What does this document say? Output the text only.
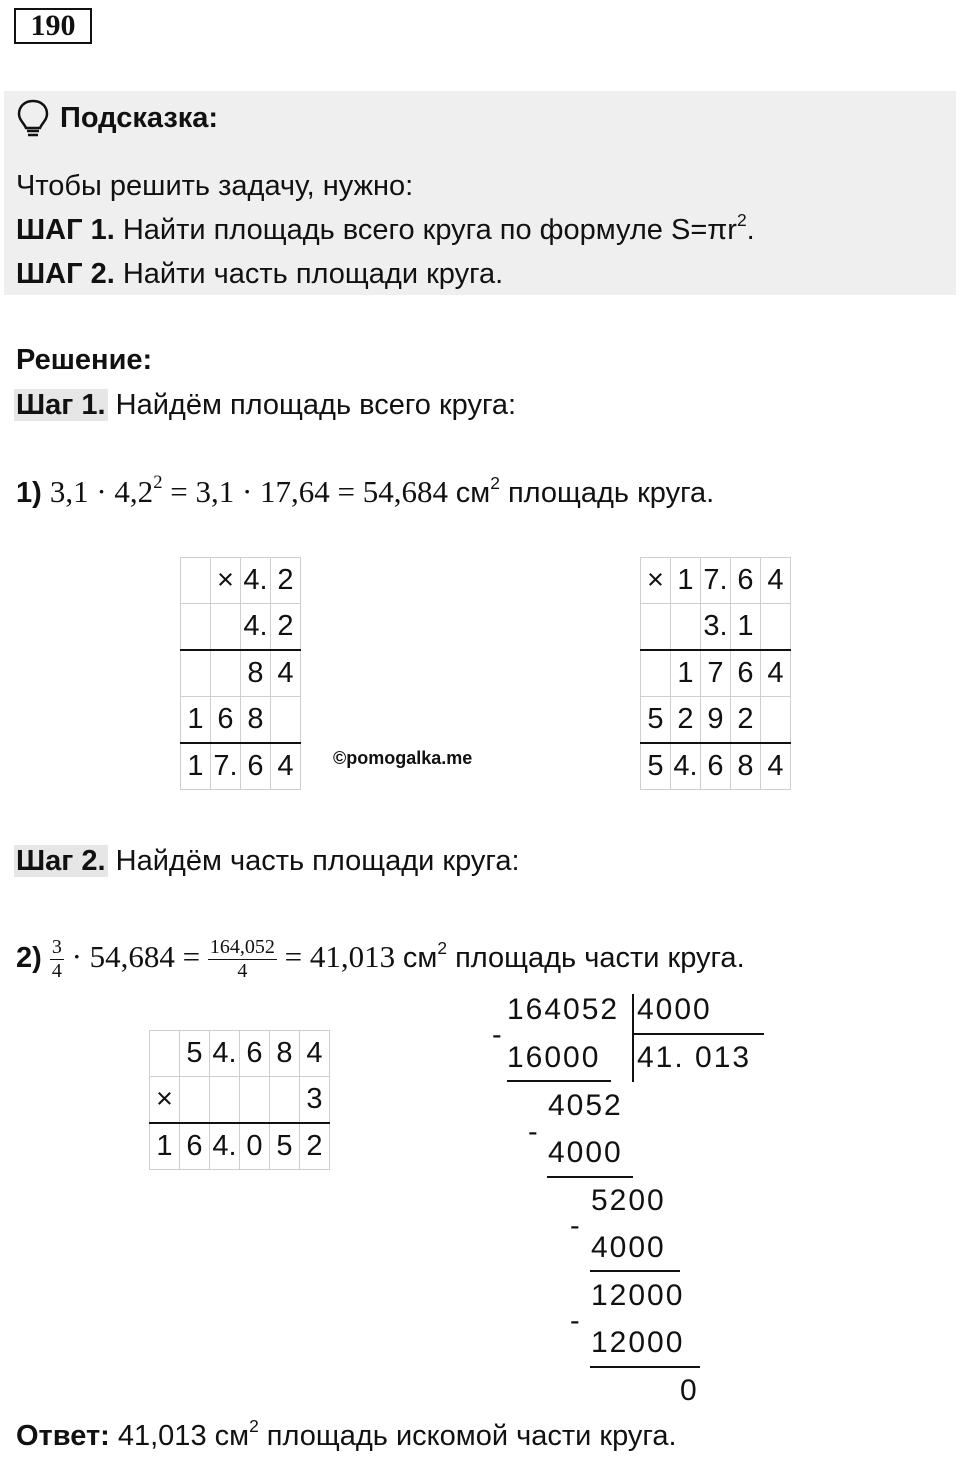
190
Подсказка:
Чтобы решить задачу, нужно:
ШАГ 1. Найти площадь всего круга по формуле $S=\pi r^2$.
ШАГ 2. Найти часть площади круга.
Решение:
Шаг 1. Найдём площадь всего круга:
1) $3,1 \cdot 4,2^2 = 3,1 \cdot 17,64 = 54,684$ $см^2$ площадь круга.
	×	4.	2
		4.	2
		8	4
1	6	8	
1	7.	6	4 ©pomogalka.me
×	1	7.	6	4
		3.	1	
	1	7	6	4
5	2	9	2	
5	4.	6	8	4
Шаг 2. Найдём часть площади круга:
$2) \frac{3}{4} \cdot 54,684 = \frac{164,052}{4} = 41,013$ $см^2$ площадь части круга.
	5	4.	6	8	4
×					3
1	6	4.	0	5	2
164052 4000
41. 013
-
16000
4052
-
4000
5200
-
4000
12000
-
12000
0
Ответ: 41,013 $см^2$ площадь искомой части круга.
